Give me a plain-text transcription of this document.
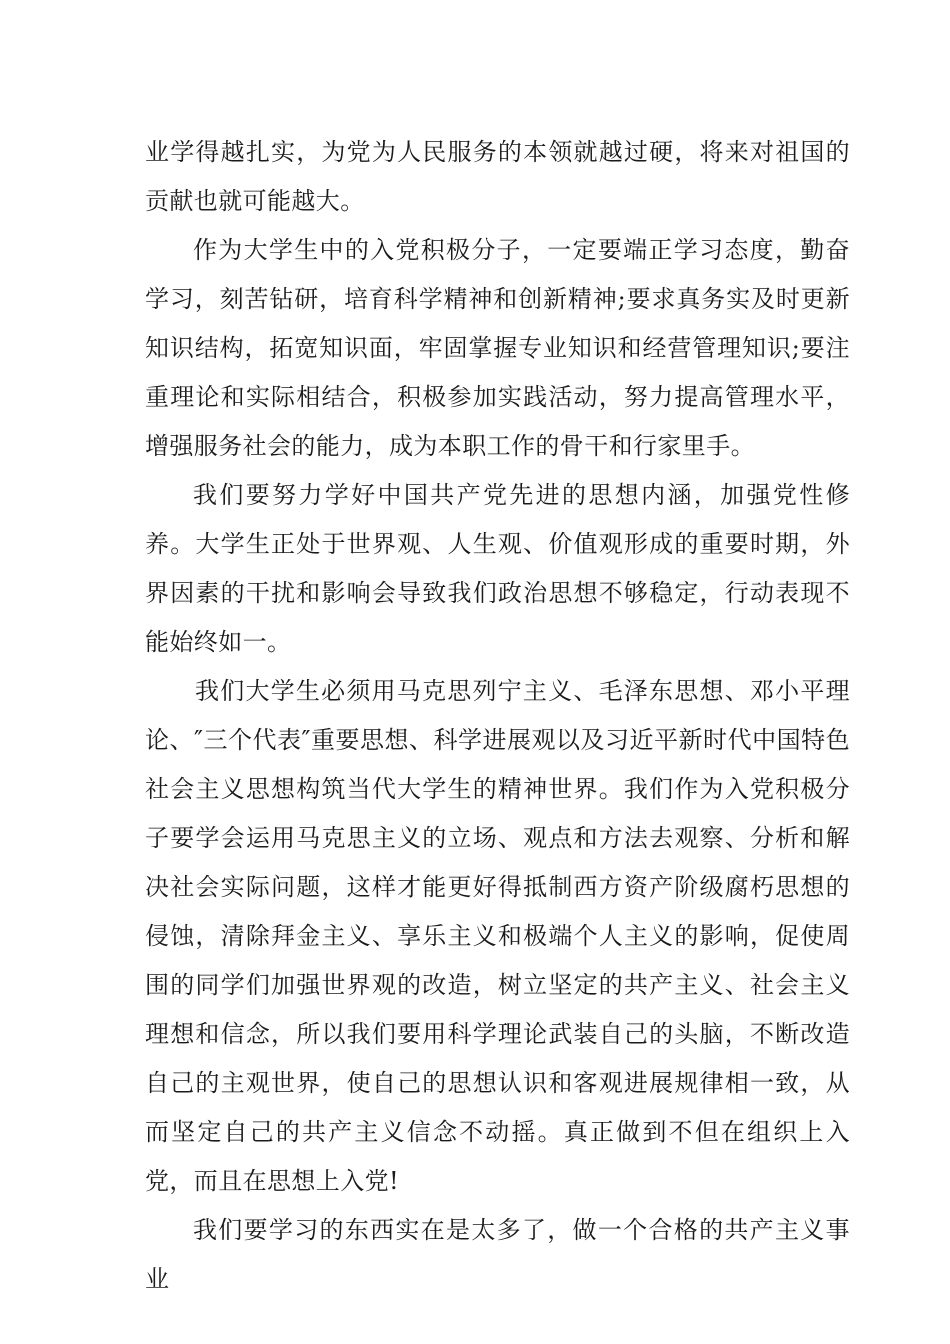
业学得越扎实，为党为人民服务的本领就越过硬，将来对祖国的贡献也就可能越大。

作为大学生中的入党积极分子，一定要端正学习态度，勤奋学习，刻苦钻研，培育科学精神和创新精神;要求真务实及时更新知识结构，拓宽知识面，牢固掌握专业知识和经营管理知识;要注重理论和实际相结合，积极参加实践活动，努力提高管理水平，增强服务社会的能力，成为本职工作的骨干和行家里手。

我们要努力学好中国共产党先进的思想内涵，加强党性修养。大学生正处于世界观、人生观、价值观形成的重要时期，外界因素的干扰和影响会导致我们政治思想不够稳定，行动表现不能始终如一。

我们大学生必须用马克思列宁主义、毛泽东思想、邓小平理论、″三个代表″重要思想、科学进展观以及习近平新时代中国特色社会主义思想构筑当代大学生的精神世界。我们作为入党积极分子要学会运用马克思主义的立场、观点和方法去观察、分析和解决社会实际问题，这样才能更好得抵制西方资产阶级腐朽思想的侵蚀，清除拜金主义、享乐主义和极端个人主义的影响，促使周围的同学们加强世界观的改造，树立坚定的共产主义、社会主义理想和信念，所以我们要用科学理论武装自己的头脑，不断改造自己的主观世界，使自己的思想认识和客观进展规律相一致，从而坚定自己的共产主义信念不动摇。真正做到不但在组织上入党，而且在思想上入党!

我们要学习的东西实在是太多了，做一个合格的共产主义事业
